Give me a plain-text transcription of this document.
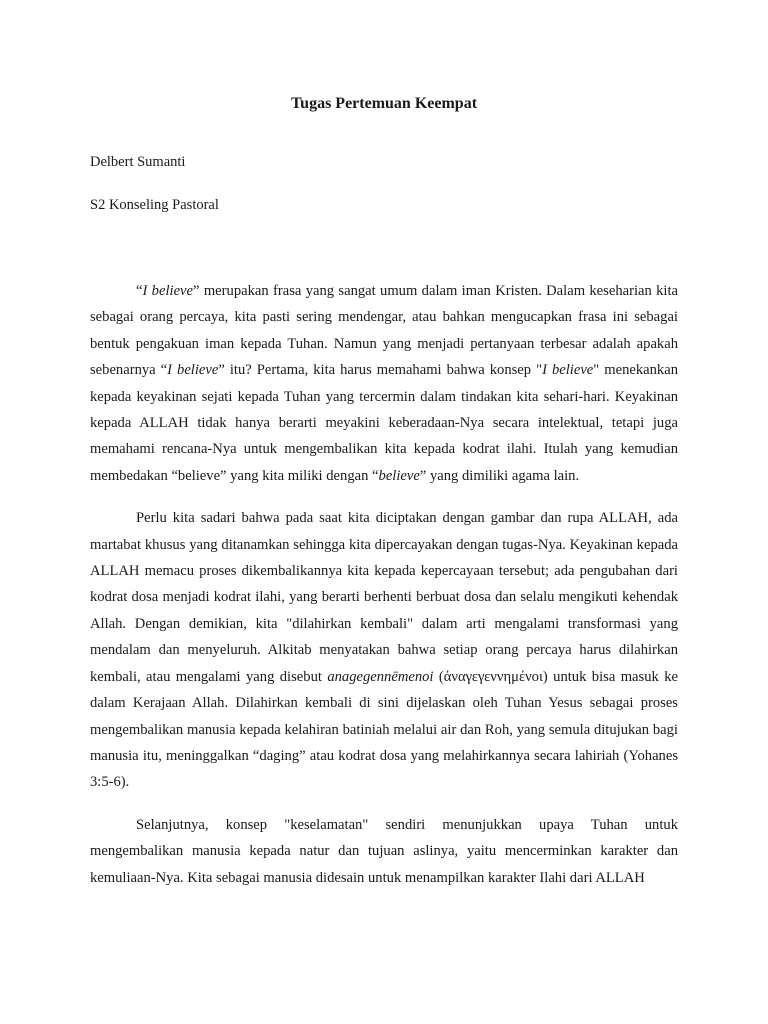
Tugas Pertemuan Keempat

Delbert Sumanti

S2 Konseling Pastoral

“I believe” merupakan frasa yang sangat umum dalam iman Kristen. Dalam keseharian kita sebagai orang percaya, kita pasti sering mendengar, atau bahkan mengucapkan frasa ini sebagai bentuk pengakuan iman kepada Tuhan. Namun yang menjadi pertanyaan terbesar adalah apakah sebenarnya “I believe” itu? Pertama, kita harus memahami bahwa konsep "I believe" menekankan kepada keyakinan sejati kepada Tuhan yang tercermin dalam tindakan kita sehari-hari. Keyakinan kepada ALLAH tidak hanya berarti meyakini keberadaan-Nya secara intelektual, tetapi juga memahami rencana-Nya untuk mengembalikan kita kepada kodrat ilahi. Itulah yang kemudian membedakan “believe” yang kita miliki dengan “believe” yang dimiliki agama lain.

Perlu kita sadari bahwa pada saat kita diciptakan dengan gambar dan rupa ALLAH, ada martabat khusus yang ditanamkan sehingga kita dipercayakan dengan tugas-Nya. Keyakinan kepada ALLAH memacu proses dikembalikannya kita kepada kepercayaan tersebut; ada pengubahan dari kodrat dosa menjadi kodrat ilahi, yang berarti berhenti berbuat dosa dan selalu mengikuti kehendak Allah. Dengan demikian, kita "dilahirkan kembali" dalam arti mengalami transformasi yang mendalam dan menyeluruh. Alkitab menyatakan bahwa setiap orang percaya harus dilahirkan kembali, atau mengalami yang disebut anagegennēmenoi (ἀναγεγεννημένοι) untuk bisa masuk ke dalam Kerajaan Allah. Dilahirkan kembali di sini dijelaskan oleh Tuhan Yesus sebagai proses mengembalikan manusia kepada kelahiran batiniah melalui air dan Roh, yang semula ditujukan bagi manusia itu, meninggalkan “daging” atau kodrat dosa yang melahirkannya secara lahiriah (Yohanes 3:5-6).

Selanjutnya, konsep "keselamatan" sendiri menunjukkan upaya Tuhan untuk mengembalikan manusia kepada natur dan tujuan aslinya, yaitu mencerminkan karakter dan kemuliaan-Nya. Kita sebagai manusia didesain untuk menampilkan karakter Ilahi dari ALLAH
